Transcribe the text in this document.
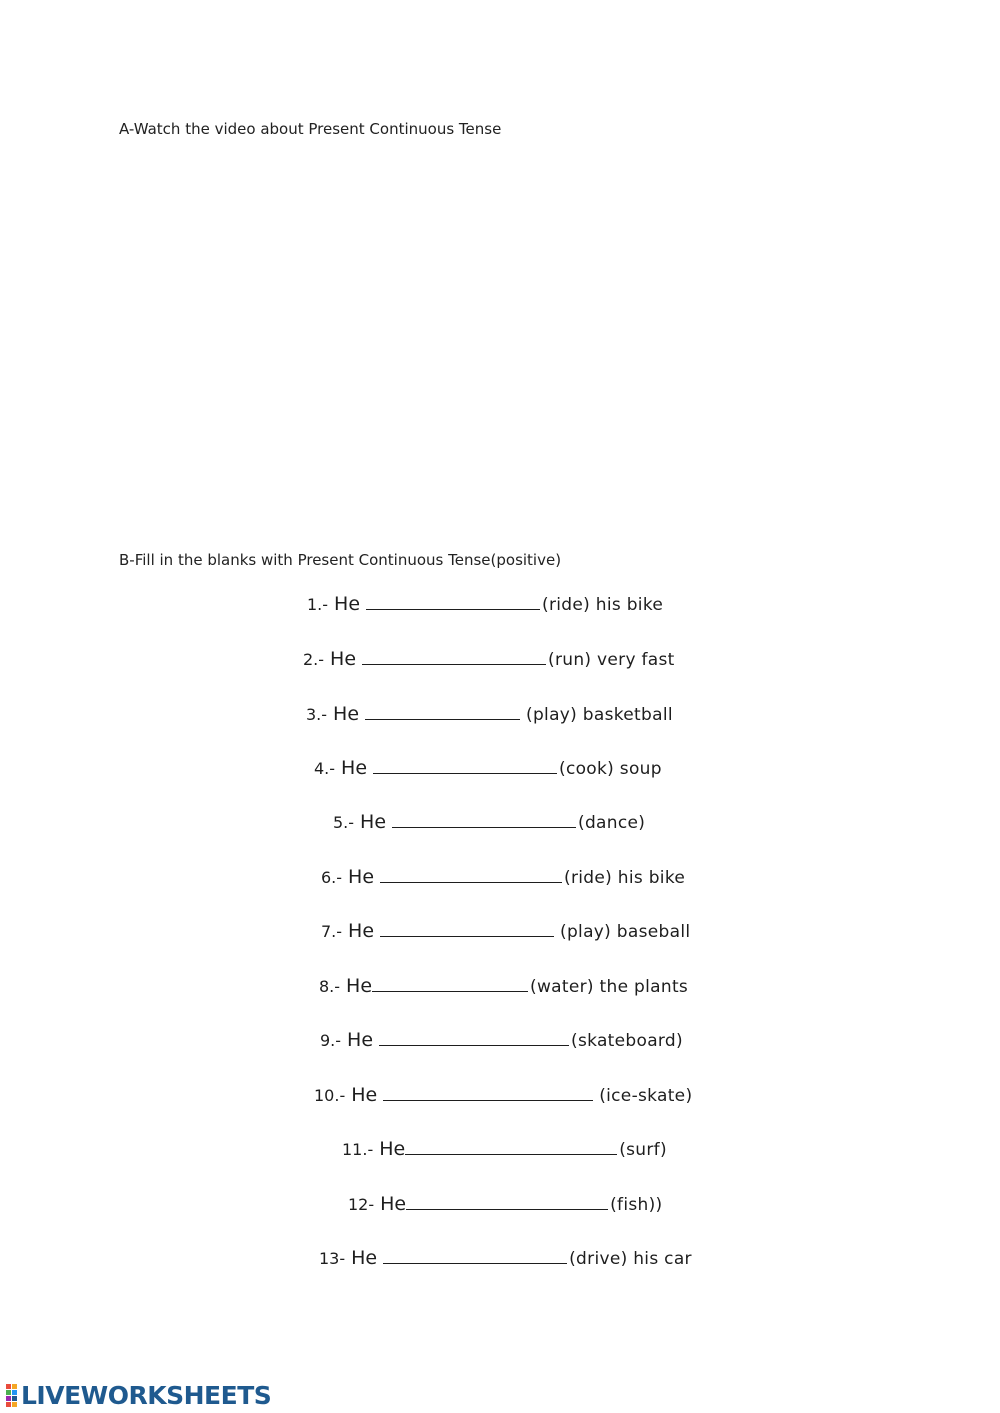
A-Watch the video about Present Continuous Tense
B-Fill in the blanks with Present Continuous Tense(positive)
1.- He	(ride) his bike
2.- He	(run) very fast
3.- He	(play) basketball
4.- He	(cook) soup
5.- He	(dance)
6.- He	(ride) his bike
7.- He	(play) baseball
8.- He	(water) the plants
9.- He	(skateboard)
10.- He	(ice-skate)
11.- He	(surf)
12- He	(fish))
13- He	(drive) his car
LIVEWORKSHEETS
